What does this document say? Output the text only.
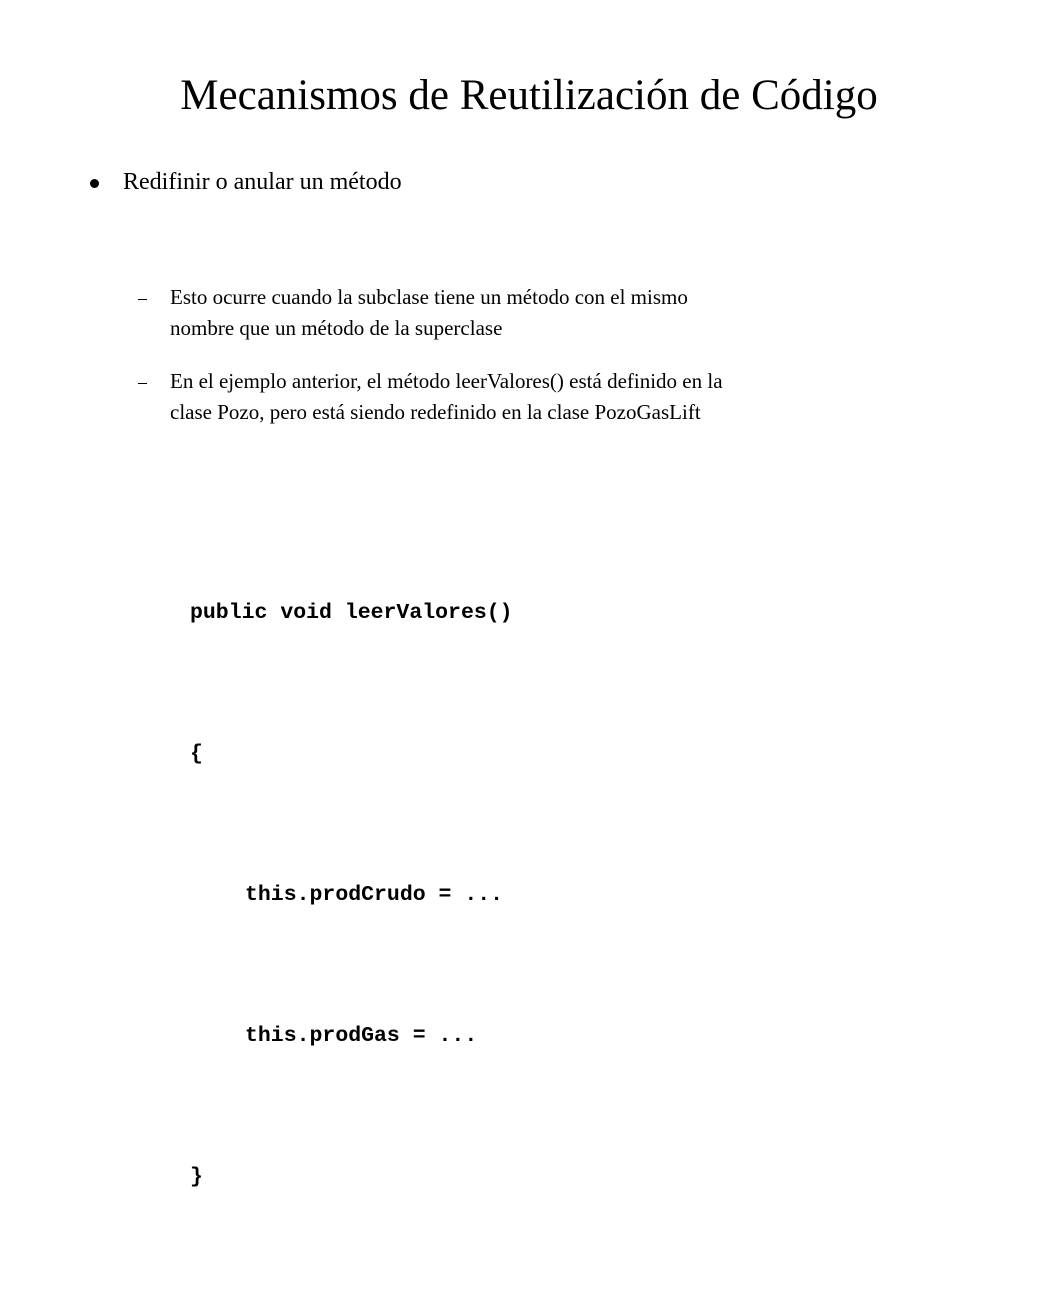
Mecanismos de Reutilización de Código
Redifinir o anular un método
Esto ocurre cuando la subclase tiene un método con el mismo
nombre que un método de la superclase
En el ejemplo anterior, el método leerValores() está definido en la
clase Pozo, pero está siendo redefinido en la clase PozoGasLift

public void leerValores()

{

this.prodCrudo = ...

this.prodGas = ...

}
